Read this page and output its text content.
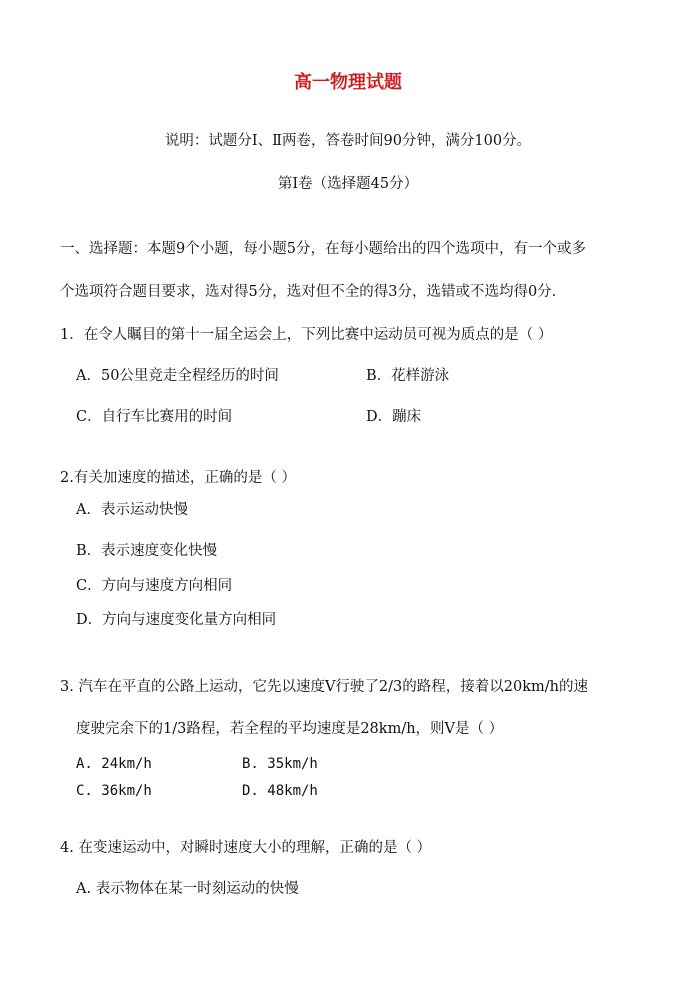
高一物理试题
说明：试题分Ⅰ、Ⅱ两卷，答卷时间90分钟，满分100分。
第Ⅰ卷（选择题45分）
一、选择题：本题9个小题，每小题5分，在每小题给出的四个选项中，有一个或多
个选项符合题目要求，选对得5分，选对但不全的得3分，选错或不选均得0分.
1．在令人瞩目的第十一届全运会上，下列比赛中运动员可视为质点的是（ ）
A．50公里竞走全程经历的时间	B．花样游泳
C．自行车比赛用的时间	D．蹦床
2.有关加速度的描述，正确的是（ ）
A．表示运动快慢
B．表示速度变化快慢
C．方向与速度方向相同
D．方向与速度变化量方向相同
3. 汽车在平直的公路上运动，它先以速度V行驶了2/3的路程，接着以20km/h的速
度驶完余下的1/3路程，若全程的平均速度是28km/h，则V是（ ）
A. 24km/h	B. 35km/h
C. 36km/h	D. 48km/h
4. 在变速运动中，对瞬时速度大小的理解，正确的是（ ）
A. 表示物体在某一时刻运动的快慢
